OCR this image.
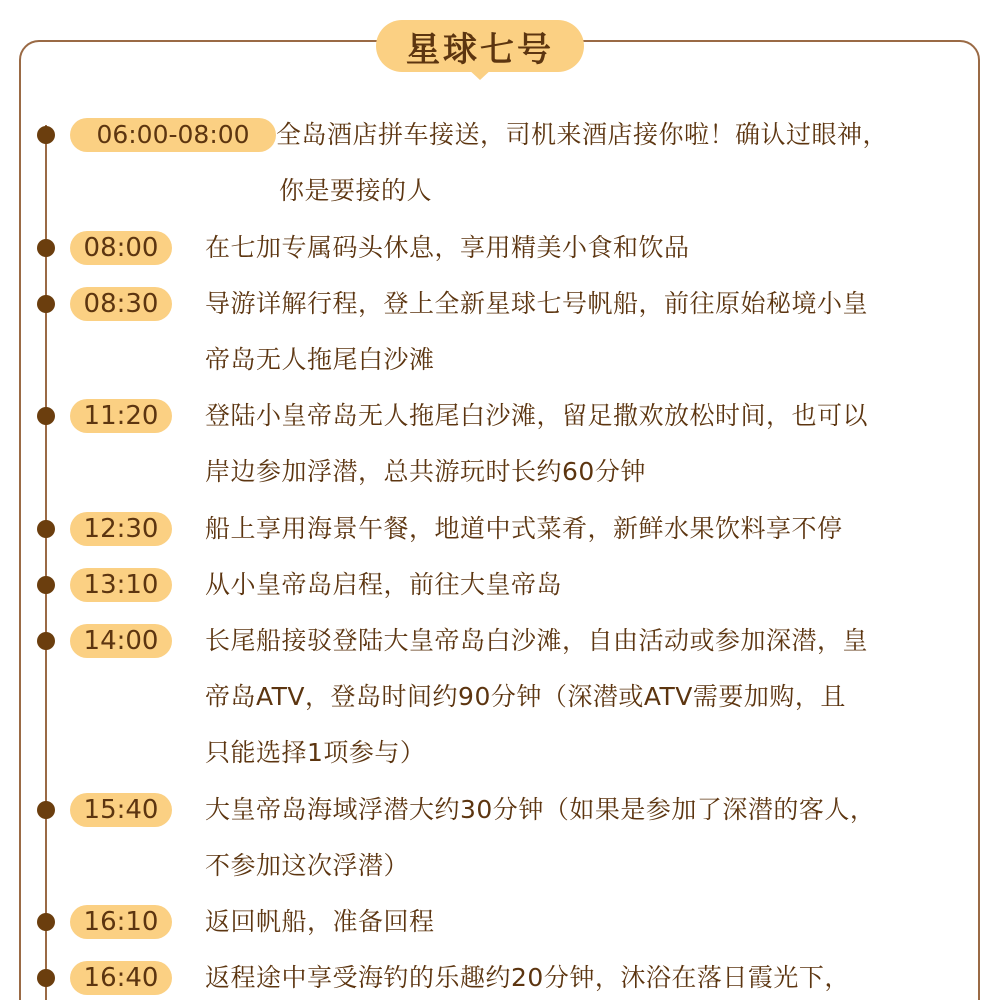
星球七号
06:00-08:00	全岛酒店拼车接送，司机来酒店接你啦！确认过眼神，
你是要接的人
08:00	在七加专属码头休息，享用精美小食和饮品
08:30	导游详解行程，登上全新星球七号帆船，前往原始秘境小皇
帝岛无人拖尾白沙滩
11:20	登陆小皇帝岛无人拖尾白沙滩，留足撒欢放松时间，也可以
岸边参加浮潜，总共游玩时长约60分钟
12:30	船上享用海景午餐，地道中式菜肴，新鲜水果饮料享不停
13:10	从小皇帝岛启程，前往大皇帝岛
14:00	长尾船接驳登陆大皇帝岛白沙滩，自由活动或参加深潜，皇
帝岛ATV，登岛时间约90分钟（深潜或ATV需要加购，且
只能选择1项参与）
15:40	大皇帝岛海域浮潜大约30分钟（如果是参加了深潜的客人，
不参加这次浮潜）
16:10	返回帆船，准备回程
16:40	返程途中享受海钓的乐趣约20分钟，沐浴在落日霞光下，
